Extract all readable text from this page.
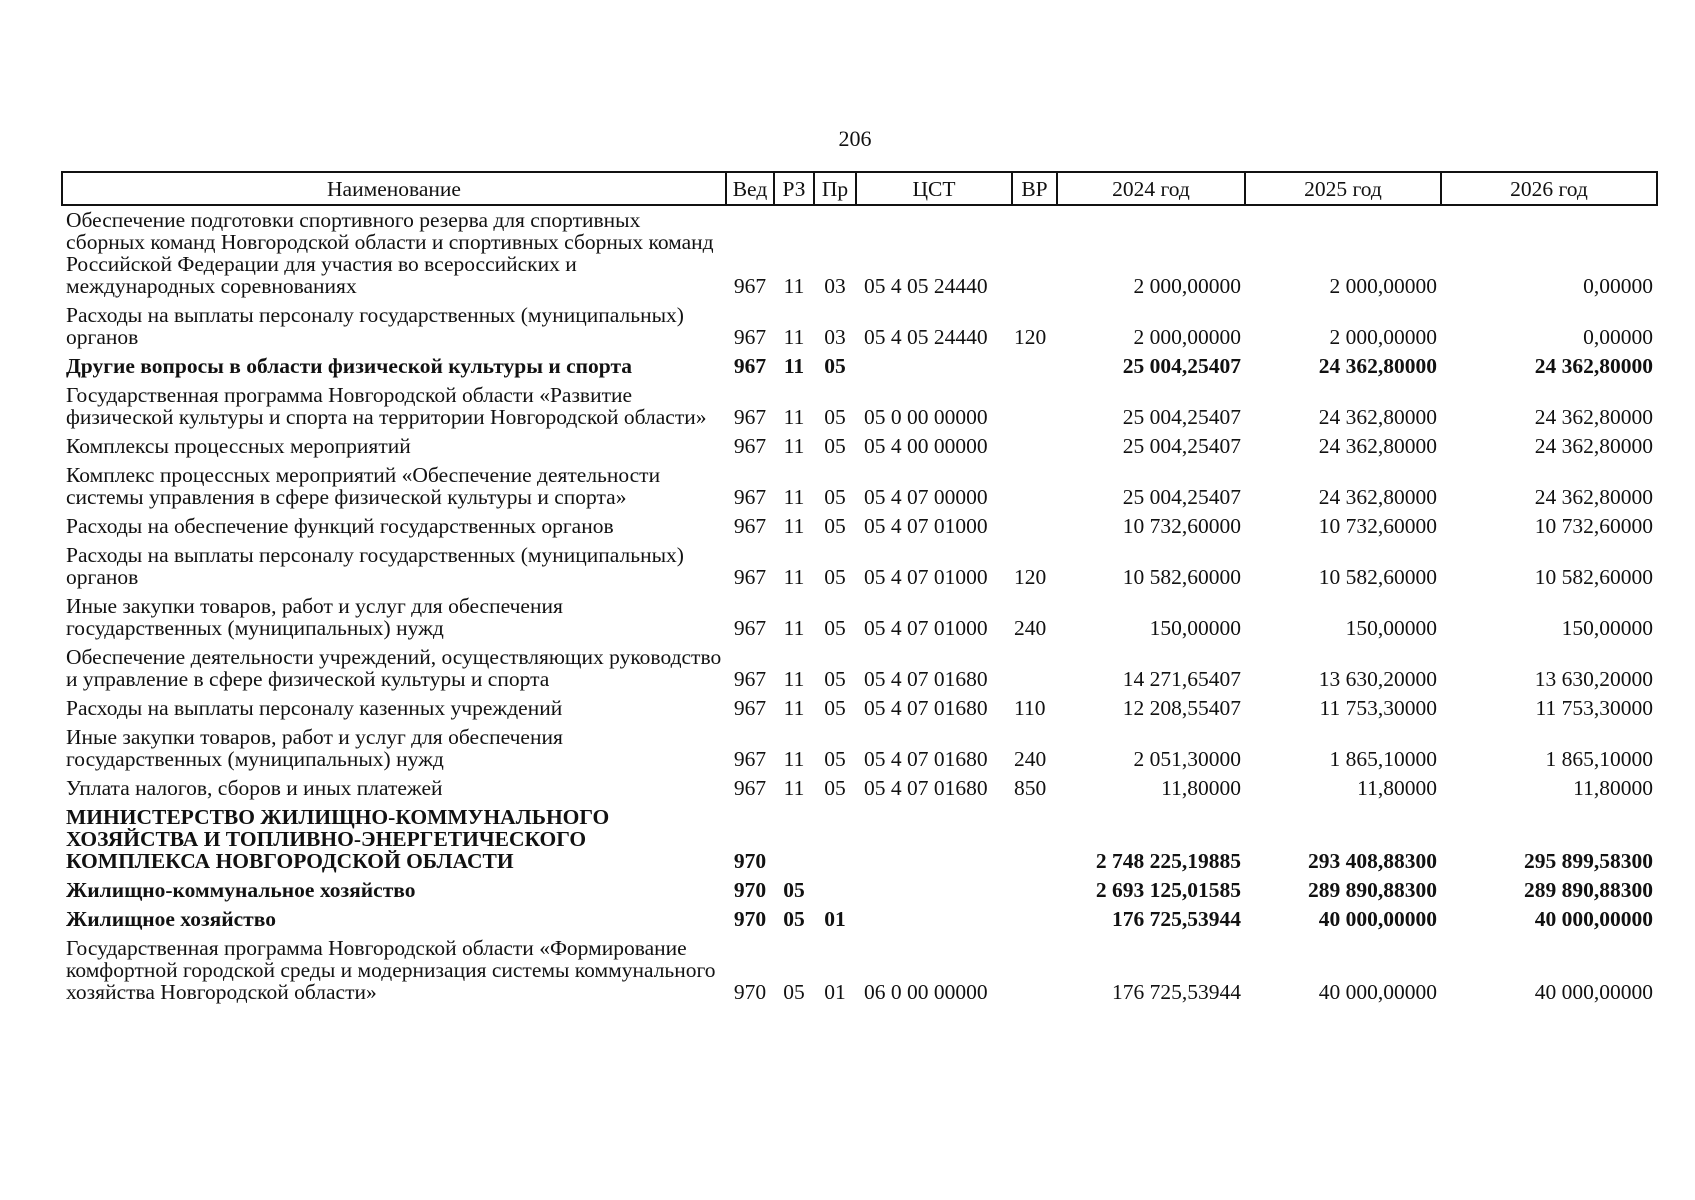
206
Наименование	Вед	РЗ	Пр	ЦСТ	ВР	2024 год	2025 год	2026 год
Обеспечение подготовки спортивного резерва для спортивных сборных команд Новгородской области и спортивных сборных команд Российской Федерации для участия во всероссийских и международных соревнованиях	967	11	03	05 4 05 24440		2 000,00000	2 000,00000	0,00000
Расходы на выплаты персоналу государственных (муниципальных) органов	967	11	03	05 4 05 24440	120	2 000,00000	2 000,00000	0,00000
Другие вопросы в области физической культуры и спорта	967	11	05			25 004,25407	24 362,80000	24 362,80000
Государственная программа Новгородской области «Развитие физической культуры и спорта на территории Новгородской области»	967	11	05	05 0 00 00000		25 004,25407	24 362,80000	24 362,80000
Комплексы процессных мероприятий	967	11	05	05 4 00 00000		25 004,25407	24 362,80000	24 362,80000
Комплекс процессных мероприятий «Обеспечение деятельности системы управления в сфере физической культуры и спорта»	967	11	05	05 4 07 00000		25 004,25407	24 362,80000	24 362,80000
Расходы на обеспечение функций государственных органов	967	11	05	05 4 07 01000		10 732,60000	10 732,60000	10 732,60000
Расходы на выплаты персоналу государственных (муниципальных) органов	967	11	05	05 4 07 01000	120	10 582,60000	10 582,60000	10 582,60000
Иные закупки товаров, работ и услуг для обеспечения государственных (муниципальных) нужд	967	11	05	05 4 07 01000	240	150,00000	150,00000	150,00000
Обеспечение деятельности учреждений, осуществляющих руководство и управление в сфере физической культуры и спорта	967	11	05	05 4 07 01680		14 271,65407	13 630,20000	13 630,20000
Расходы на выплаты персоналу казенных учреждений	967	11	05	05 4 07 01680	110	12 208,55407	11 753,30000	11 753,30000
Иные закупки товаров, работ и услуг для обеспечения государственных (муниципальных) нужд	967	11	05	05 4 07 01680	240	2 051,30000	1 865,10000	1 865,10000
Уплата налогов, сборов и иных платежей	967	11	05	05 4 07 01680	850	11,80000	11,80000	11,80000
МИНИСТЕРСТВО ЖИЛИЩНО-КОММУНАЛЬНОГО ХОЗЯЙСТВА И ТОПЛИВНО-ЭНЕРГЕТИЧЕСКОГО КОМПЛЕКСА НОВГОРОДСКОЙ ОБЛАСТИ	970					2 748 225,19885	293 408,88300	295 899,58300
Жилищно-коммунальное хозяйство	970	05				2 693 125,01585	289 890,88300	289 890,88300
Жилищное хозяйство	970	05	01			176 725,53944	40 000,00000	40 000,00000
Государственная программа Новгородской области «Формирование комфортной городской среды и модернизация системы коммунального хозяйства Новгородской области»	970	05	01	06 0 00 00000		176 725,53944	40 000,00000	40 000,00000
